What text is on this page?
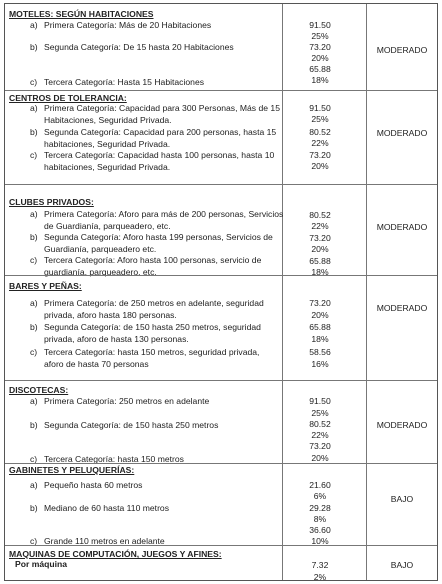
MOTELES: SEGÚN HABITACIONES
a) Primera Categoría: Más de 20 Habitaciones
b) Segunda Categoría: De 15 hasta 20 Habitaciones
c) Tercera Categoría: Hasta 15 Habitaciones
91.50
25%
73.20
20%
65.88
18%
MODERADO
CENTROS DE TOLERANCIA:
a) Primera Categoría: Capacidad para 300 Personas, Más de 15
Habitaciones, Seguridad Privada.
b) Segunda Categoría: Capacidad para 200 personas, hasta 15
habitaciones, Seguridad Privada.
c) Tercera Categoría: Capacidad hasta 100 personas, hasta 10
habitaciones, Seguridad Privada.
91.50
25%
80.52
22%
73.20
20%
MODERADO
CLUBES PRIVADOS:
a) Primera Categoría: Aforo para más de 200 personas, Servicios
de Guardianía, parqueadero, etc.
b) Segunda Categoría: Aforo hasta 199 personas, Servicios de
Guardianía, parqueadero etc.
c) Tercera Categoría: Aforo hasta 100 personas, servicio de
guardianía, parqueadero, etc.
80.52
22%
73.20
20%
65.88
18%
MODERADO
BARES Y PEÑAS:
a) Primera Categoría: de 250 metros en adelante, seguridad
privada, aforo hasta 180 personas.
b) Segunda Categoría: de 150 hasta 250 metros, seguridad
privada, aforo de hasta 130 personas.
c) Tercera Categoría: hasta 150 metros, seguridad privada,
aforo de hasta 70 personas
73.20
20%
65.88
18%
58.56
16%
MODERADO
DISCOTECAS:
a) Primera Categoría: 250 metros en adelante
b) Segunda Categoría: de 150 hasta 250 metros
c) Tercera Categoría: hasta 150 metros
91.50
25%
80.52
22%
73.20
20%
MODERADO
GABINETES Y PELUQUERÍAS:
a) Pequeño hasta 60 metros
b) Mediano de 60 hasta 110 metros
c) Grande 110 metros en adelante
21.60
6%
29.28
8%
36.60
10%
BAJO
MAQUINAS DE COMPUTACIÓN, JUEGOS Y AFINES:
Por máquina	7.32
2%
BAJO
